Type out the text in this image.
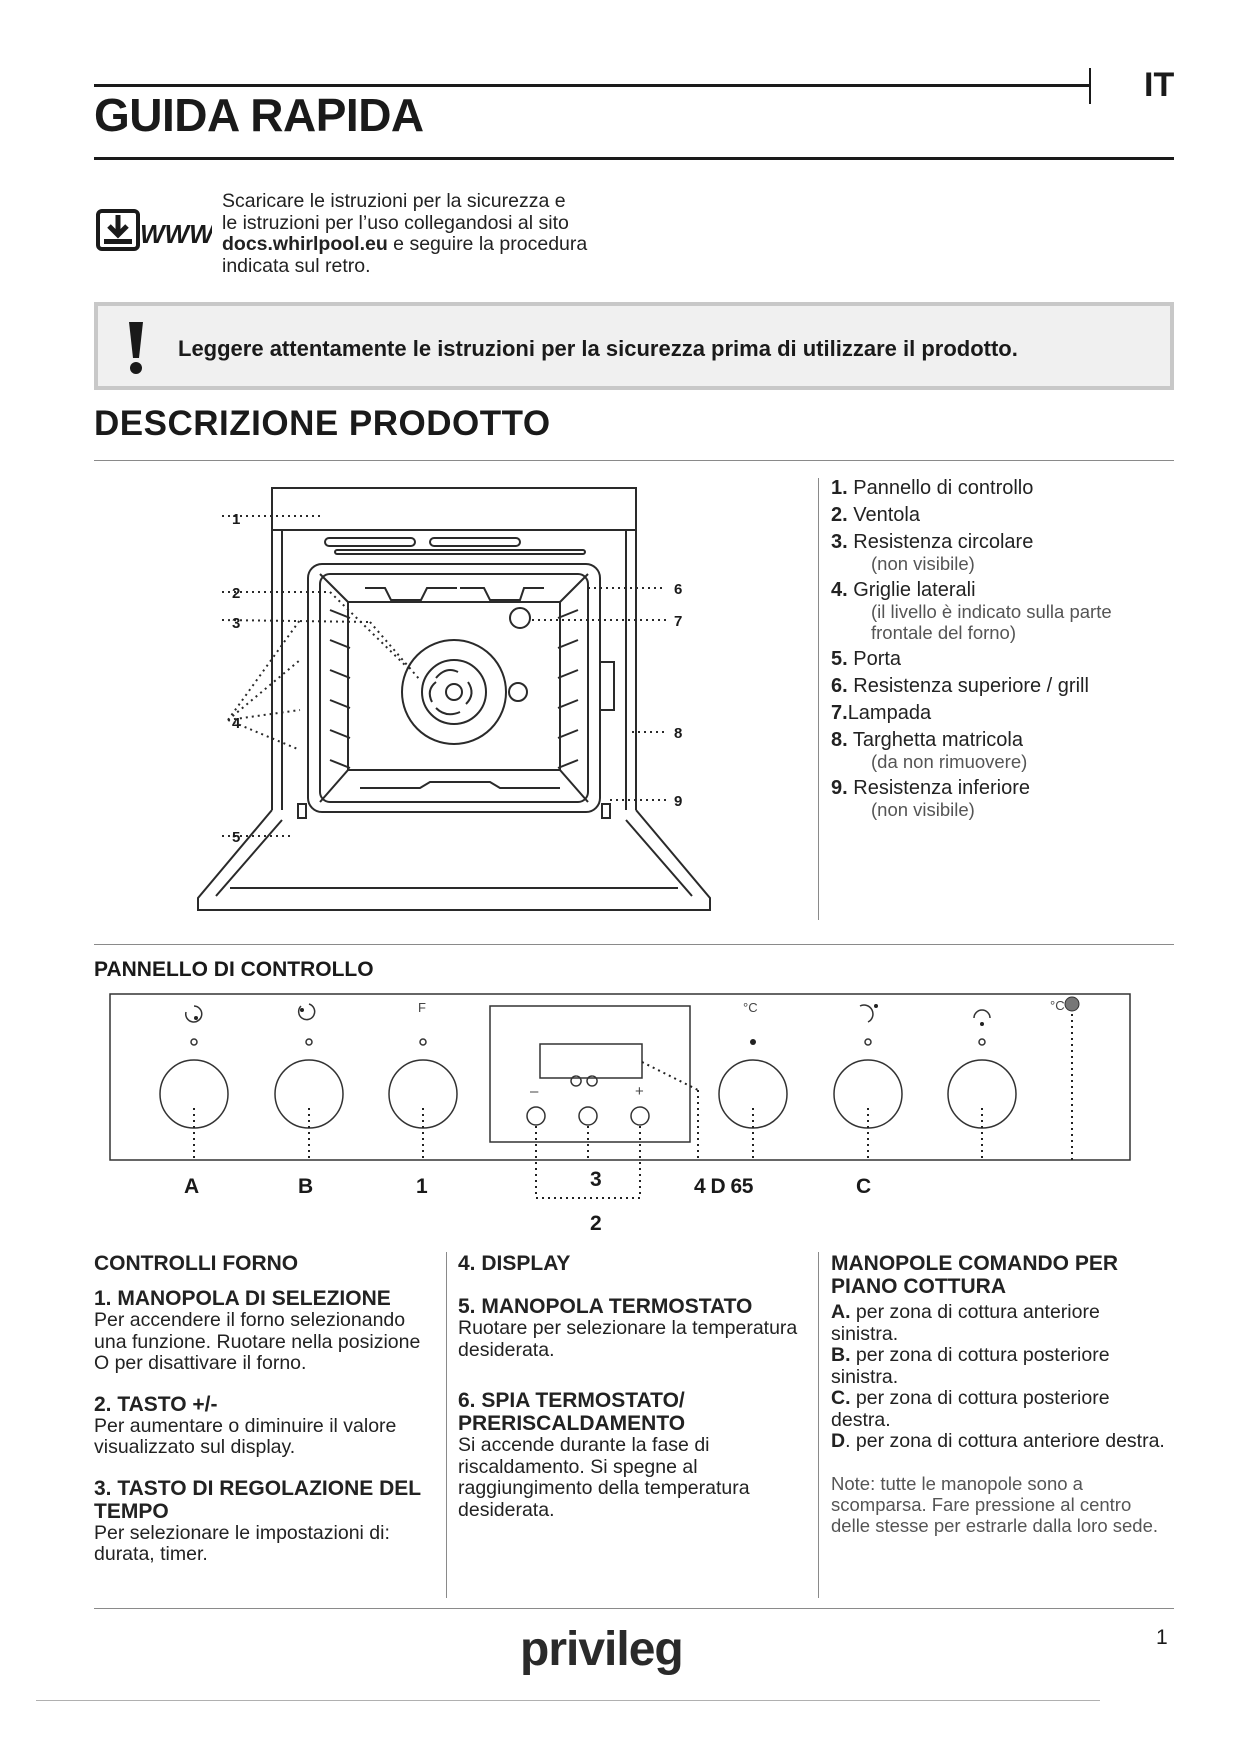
GUIDA RAPIDA
IT
WWW
Scaricare le istruzioni per la sicurezza e
le istruzioni per l’uso collegandosi al sito
docs.whirlpool.eu e seguire la procedura
indicata sul retro.
Leggere attentamente le istruzioni per la sicurezza prima di utilizzare il prodotto.
DESCRIZIONE PRODOTTO
1
2
3
4
5
6
7
8
9
1. Pannello di controllo
2. Ventola
3. Resistenza circolare
(non visibile)
4. Griglie laterali
(il livello è indicato sulla parte frontale del forno)
5. Porta
6. Resistenza superiore / grill
7.Lampada
8. Targhetta matricola
(da non rimuovere)
9. Resistenza inferiore
(non visibile)
PANNELLO DI CONTROLLO
F	°C	°C
–	+
A	B	1	3
2
4 D 65	C
CONTROLLI FORNO
1. MANOPOLA DI SELEZIONE
Per accendere il forno selezionando una funzione. Ruotare nella posizione O per disattivare il forno.
2. TASTO +/-
Per aumentare o diminuire il valore visualizzato sul display.
3. TASTO DI REGOLAZIONE DEL TEMPO
Per selezionare le impostazioni di: durata, timer.
4. DISPLAY
5. MANOPOLA TERMOSTATO
Ruotare per selezionare la temperatura desiderata.
6. SPIA TERMOSTATO/ PRERISCALDAMENTO
Si accende durante la fase di riscaldamento. Si spegne al raggiungimento della temperatura desiderata.
MANOPOLE COMANDO PER PIANO COTTURA
A. per zona di cottura anteriore sinistra.
B. per zona di cottura posteriore sinistra.
C. per zona di cottura posteriore destra.
D. per zona di cottura anteriore destra.
Note: tutte le manopole sono a scomparsa. Fare pressione al centro delle stesse per estrarle dalla loro sede.
privileg	1
